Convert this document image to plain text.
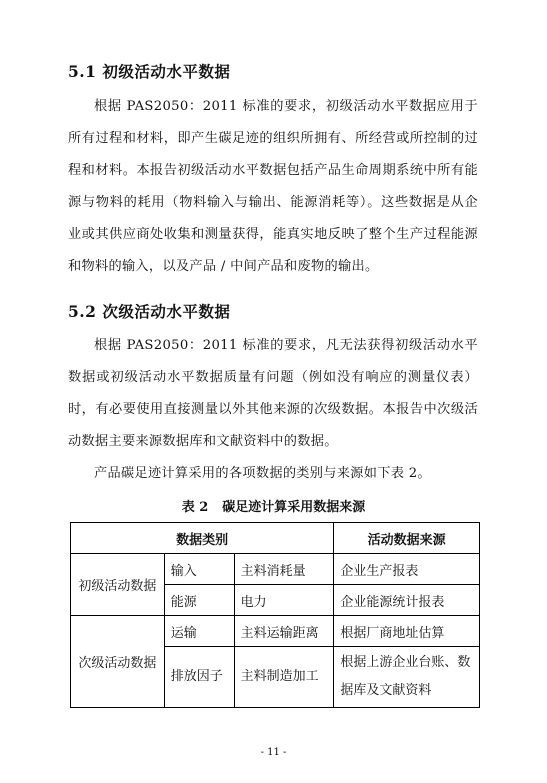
5.1 初级活动水平数据

根据 PAS2050：2011 标准的要求，初级活动水平数据应用于所有过程和材料，即产生碳足迹的组织所拥有、所经营或所控制的过程和材料。本报告初级活动水平数据包括产品生命周期系统中所有能源与物料的耗用（物料输入与输出、能源消耗等）。这些数据是从企业或其供应商处收集和测量获得，能真实地反映了整个生产过程能源和物料的输入，以及产品 / 中间产品和废物的输出。

5.2 次级活动水平数据

根据 PAS2050：2011 标准的要求，凡无法获得初级活动水平数据或初级活动水平数据质量有问题（例如没有响应的测量仪表）时，有必要使用直接测量以外其他来源的次级数据。本报告中次级活动数据主要来源数据库和文献资料中的数据。

产品碳足迹计算采用的各项数据的类别与来源如下表 2。

表 2 碳足迹计算采用数据来源

数据类别			活动数据来源
初级活动数据	输入	主料消耗量	企业生产报表
	能源	电力	企业能源统计报表
次级活动数据	运输	主料运输距离	根据厂商地址估算
	排放因子	主料制造加工	根据上游企业台账、数据库及文献资料
- 11 -
